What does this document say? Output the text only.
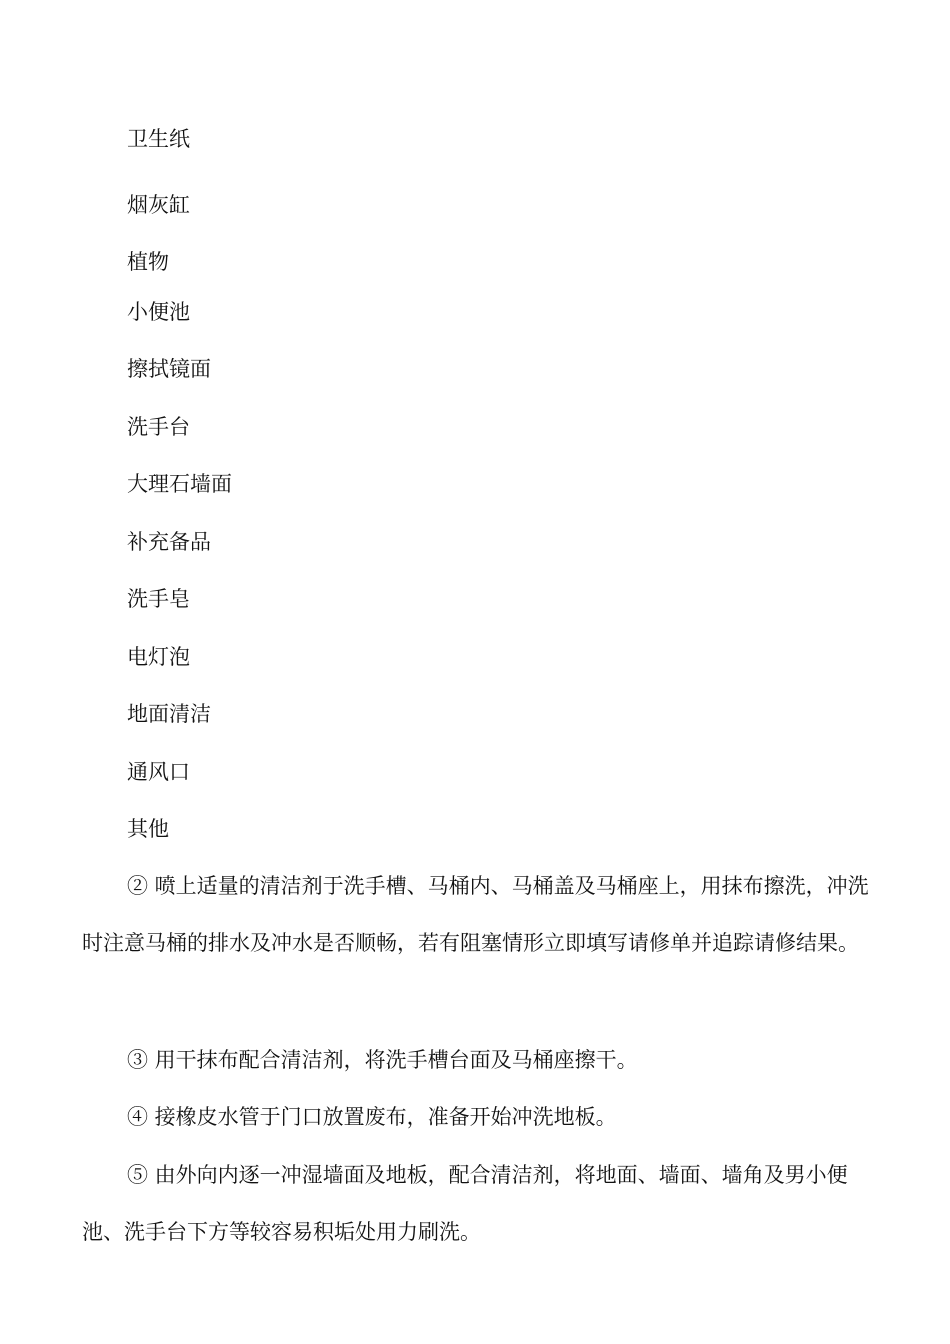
卫生纸
烟灰缸
植物
小便池
擦拭镜面
洗手台
大理石墙面
补充备品
洗手皂
电灯泡
地面清洁
通风口
其他
② 喷上适量的清洁剂于洗手槽、马桶内、马桶盖及马桶座上，用抹布擦洗，冲洗时注意马桶的排水及冲水是否顺畅，若有阻塞情形立即填写请修单并追踪请修结果。
③ 用干抹布配合清洁剂，将洗手槽台面及马桶座擦干。
④ 接橡皮水管于门口放置废布，准备开始冲洗地板。
⑤ 由外向内逐一冲湿墙面及地板，配合清洁剂，将地面、墙面、墙角及男小便池、洗手台下方等较容易积垢处用力刷洗。
